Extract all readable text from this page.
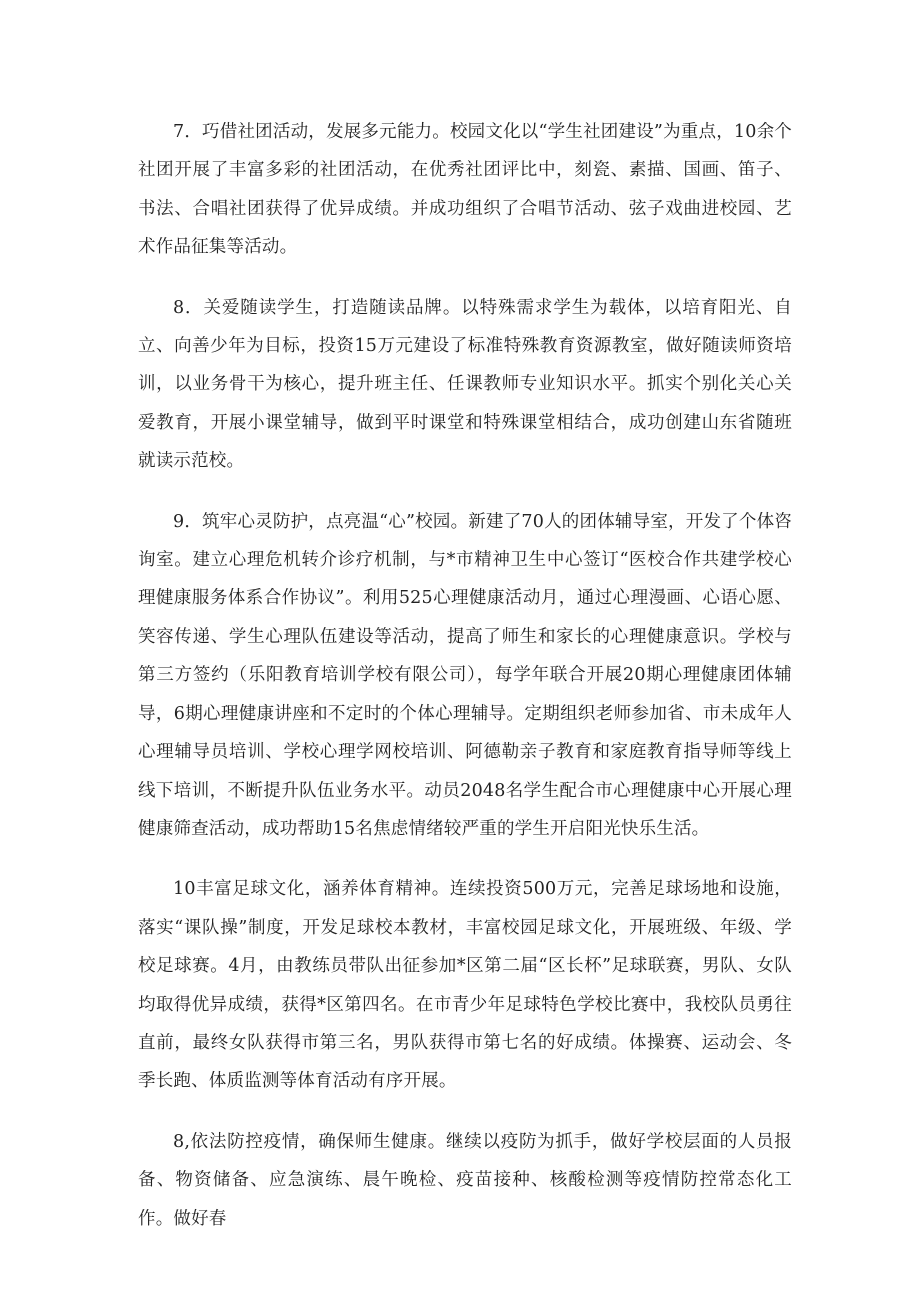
7．巧借社团活动，发展多元能力。校园文化以“学生社团建设”为重点，10余个社团开展了丰富多彩的社团活动，在优秀社团评比中，刻瓷、素描、国画、笛子、书法、合唱社团获得了优异成绩。并成功组织了合唱节活动、弦子戏曲进校园、艺术作品征集等活动。

8．关爱随读学生，打造随读品牌。以特殊需求学生为载体，以培育阳光、自立、向善少年为目标，投资15万元建设了标准特殊教育资源教室，做好随读师资培训，以业务骨干为核心，提升班主任、任课教师专业知识水平。抓实个别化关心关爱教育，开展小课堂辅导，做到平时课堂和特殊课堂相结合，成功创建山东省随班就读示范校。

9．筑牢心灵防护，点亮温“心”校园。新建了70人的团体辅导室，开发了个体咨询室。建立心理危机转介诊疗机制，与*市精神卫生中心签订“医校合作共建学校心理健康服务体系合作协议”。利用525心理健康活动月，通过心理漫画、心语心愿、笑容传递、学生心理队伍建设等活动，提高了师生和家长的心理健康意识。学校与第三方签约（乐阳教育培训学校有限公司），每学年联合开展20期心理健康团体辅导，6期心理健康讲座和不定时的个体心理辅导。定期组织老师参加省、市未成年人心理辅导员培训、学校心理学网校培训、阿德勒亲子教育和家庭教育指导师等线上线下培训，不断提升队伍业务水平。动员2048名学生配合市心理健康中心开展心理健康筛查活动，成功帮助15名焦虑情绪较严重的学生开启阳光快乐生活。

10丰富足球文化，涵养体育精神。连续投资500万元，完善足球场地和设施，落实“课队操”制度，开发足球校本教材，丰富校园足球文化，开展班级、年级、学校足球赛。4月，由教练员带队出征参加*区第二届“区长杯”足球联赛，男队、女队均取得优异成绩，获得*区第四名。在市青少年足球特色学校比赛中，我校队员勇往直前，最终女队获得市第三名，男队获得市第七名的好成绩。体操赛、运动会、冬季长跑、体质监测等体育活动有序开展。

8,依法防控疫情，确保师生健康。继续以疫防为抓手，做好学校层面的人员报备、物资储备、应急演练、晨午晚检、疫苗接种、核酸检测等疫情防控常态化工作。做好春
